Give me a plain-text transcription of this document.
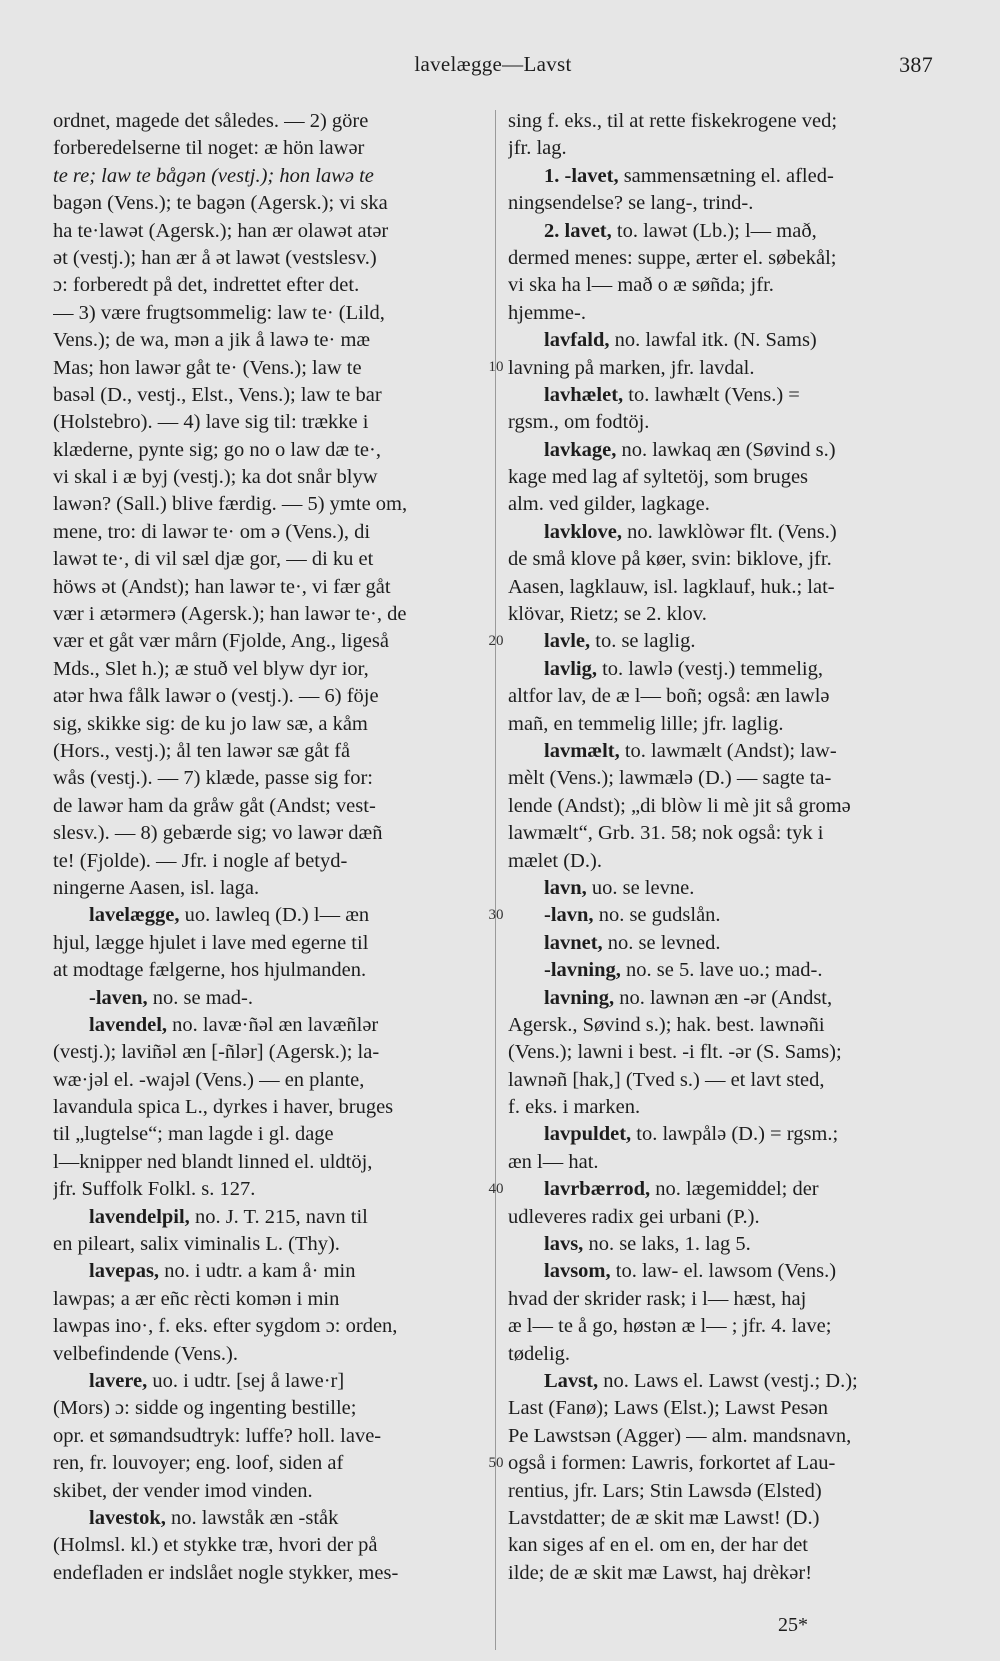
lavelægge—Lavst	387
ordnet, magede det således. — 2) göre
forberedelserne til noget: æ hön lawər
te re; law te bågən (vestj.); hon lawə te
bagən (Vens.); te bagən (Agersk.); vi ska
ha te·lawət (Agersk.); han ær olawət atər
ət (vestj.); han ær å ət lawət (vestslesv.)
ɔ: forberedt på det, indrettet efter det.
— 3) være frugtsommelig: law te· (Lild,
Vens.); de wa, mən a jik å lawə te· mæ
Mas; hon lawər gåt te· (Vens.); law te
basəl (D., vestj., Elst., Vens.); law te bar
(Holstebro). — 4) lave sig til: trække i
klæderne, pynte sig; go no o law dæ te·,
vi skal i æ byj (vestj.); ka dot snår blyw
lawən? (Sall.) blive færdig. — 5) ymte om,
mene, tro: di lawər te· om ə (Vens.), di
lawət te·, di vil sæl djæ gor, — di ku et
höws ət (Andst); han lawər te·, vi fær gåt
vær i ætərmerə (Agersk.); han lawər te·, de
vær et gåt vær mårn (Fjolde, Ang., ligeså
Mds., Slet h.); æ stuð vel blyw dyr ior,
atər hwa fålk lawər o (vestj.). — 6) föje
sig, skikke sig: de ku jo law sæ, a kåm
(Hors., vestj.); ål ten lawər sæ gåt få
wås (vestj.). — 7) klæde, passe sig for:
de lawər ham da gråw gåt (Andst; vest-
slesv.). — 8) gebærde sig; vo lawər dæñ
te! (Fjolde). — Jfr. i nogle af betyd-
ningerne Aasen, isl. laga.
lavelægge, uo. lawleq (D.) l— æn
hjul, lægge hjulet i lave med egerne til
at modtage fælgerne, hos hjulmanden.
-laven, no. se mad-.
lavendel, no. lavæ·ñəl æn lavæñlər
(vestj.); laviñəl æn [-ñlər] (Agersk.); la-
wæ·jəl el. -wajəl (Vens.) — en plante,
lavandula spica L., dyrkes i haver, bruges
til „lugtelse“; man lagde i gl. dage
l—knipper ned blandt linned el. uldtöj,
jfr. Suffolk Folkl. s. 127.
lavendelpil, no. J. T. 215, navn til
en pileart, salix viminalis L. (Thy).
lavepas, no. i udtr. a kam å· min
lawpas; a ær eñc rècti komən i min
lawpas ino·, f. eks. efter sygdom ɔ: orden,
velbefindende (Vens.).
lavere, uo. i udtr. [sej å lawe·r]
(Mors) ɔ: sidde og ingenting bestille;
opr. et sømandsudtryk: luffe? holl. lave-
ren, fr. louvoyer; eng. loof, siden af
skibet, der vender imod vinden.
lavestok, no. lawståk æn -ståk
(Holmsl. kl.) et stykke træ, hvori der på
endefladen er indslået nogle stykker, mes-
sing f. eks., til at rette fiskekrogene ved;
jfr. lag.
1. -lavet, sammensætning el. afled-
ningsendelse? se lang-, trind-.
2. lavet, to. lawət (Lb.); l— mað,
dermed menes: suppe, ærter el. søbekål;
vi ska ha l— mað o æ søñda; jfr.
hjemme-.
lavfald, no. lawfal itk. (N. Sams)
lavning på marken, jfr. lavdal.
lavhælet, to. lawhælt (Vens.) =
rgsm., om fodtöj.
lavkage, no. lawkaq æn (Søvind s.)
kage med lag af syltetöj, som bruges
alm. ved gilder, lagkage.
lavklove, no. lawklòwər flt. (Vens.)
de små klove på køer, svin: biklove, jfr.
Aasen, lagklauw, isl. lagklauf, huk.; lat-
klövar, Rietz; se 2. klov.
lavle, to. se laglig.
lavlig, to. lawlə (vestj.) temmelig,
altfor lav, de æ l— boñ; også: æn lawlə
mañ, en temmelig lille; jfr. laglig.
lavmælt, to. lawmælt (Andst); law-
mèlt (Vens.); lawmælə (D.) — sagte ta-
lende (Andst); „di blòw li mè jit så gromə
lawmælt“, Grb. 31. 58; nok også: tyk i
mælet (D.).
lavn, uo. se levne.
-lavn, no. se gudslån.
lavnet, no. se levned.
-lavning, no. se 5. lave uo.; mad-.
lavning, no. lawnən æn -ər (Andst,
Agersk., Søvind s.); hak. best. lawnəñi
(Vens.); lawni i best. -i flt. -ər (S. Sams);
lawnəñ [hak,] (Tved s.) — et lavt sted,
f. eks. i marken.
lavpuldet, to. lawpålə (D.) = rgsm.;
æn l— hat.
lavrbærrod, no. lægemiddel; der
udleveres radix gei urbani (P.).
lavs, no. se laks, 1. lag 5.
lavsom, to. law- el. lawsom (Vens.)
hvad der skrider rask; i l— hæst, haj
æ l— te å go, høstən æ l— ; jfr. 4. lave;
tødelig.
Lavst, no. Laws el. Lawst (vestj.; D.);
Last (Fanø); Laws (Elst.); Lawst Pesən
Pe Lawstsən (Agger) — alm. mandsnavn,
også i formen: Lawris, forkortet af Lau-
rentius, jfr. Lars; Stin Lawsdə (Elsted)
Lavstdatter; de æ skit mæ Lawst! (D.)
kan siges af en el. om en, der har det
ilde; de æ skit mæ Lawst, haj drèkər!
10
20
30
40
50
25*
